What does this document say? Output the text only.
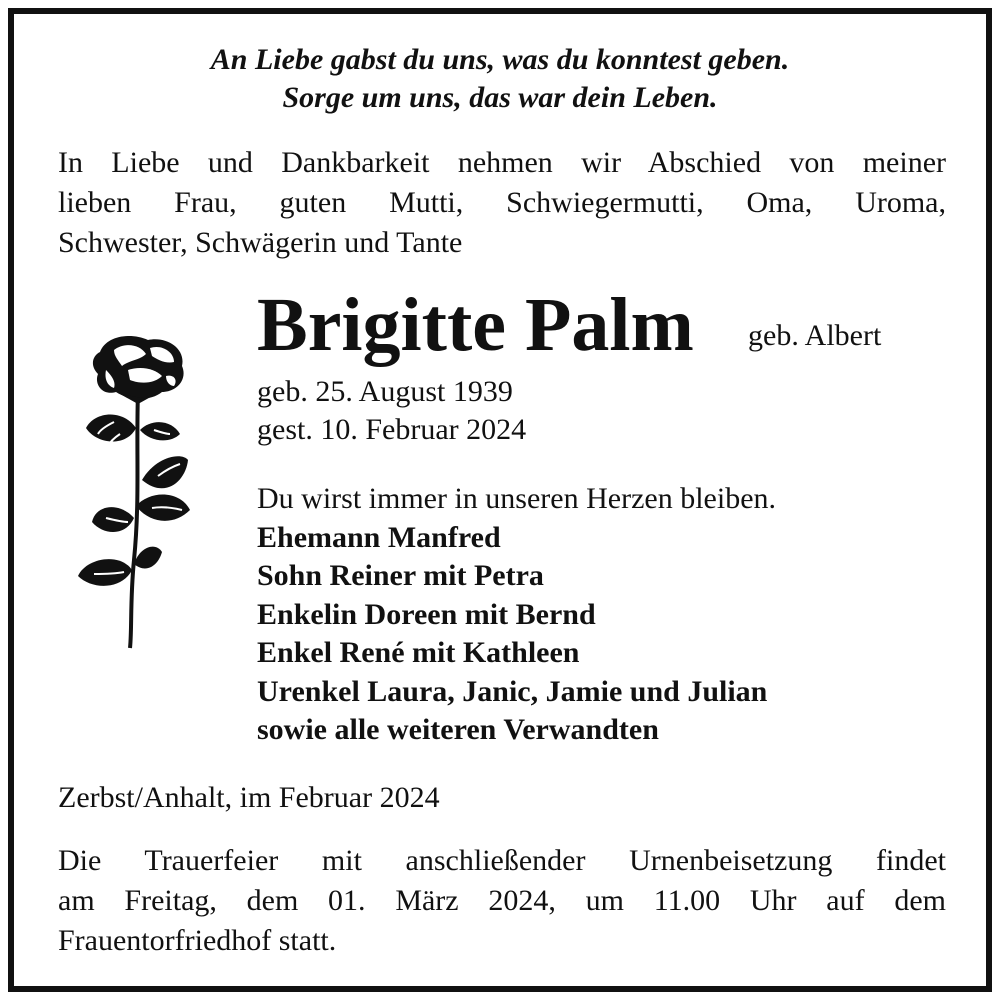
An Liebe gabst du uns, was du konntest geben.
Sorge um uns, das war dein Leben.
In Liebe und Dankbarkeit nehmen wir Abschied von meiner
lieben Frau, guten Mutti, Schwiegermutti, Oma, Uroma,
Schwester, Schwägerin und Tante
Brigitte Palm geb. Albert
geb. 25. August 1939
gest. 10. Februar 2024
Du wirst immer in unseren Herzen bleiben.
Ehemann Manfred
Sohn Reiner mit Petra
Enkelin Doreen mit Bernd
Enkel René mit Kathleen
Urenkel Laura, Janic, Jamie und Julian
sowie alle weiteren Verwandten
Zerbst/Anhalt, im Februar 2024
Die Trauerfeier mit anschließender Urnenbeisetzung findet
am Freitag, dem 01. März 2024, um 11.00 Uhr auf dem
Frauentorfriedhof statt.
